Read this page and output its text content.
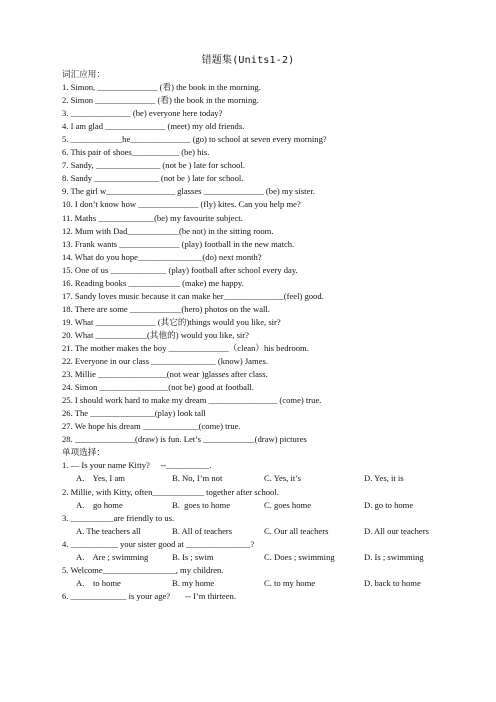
错题集(Units1-2)
词汇应用：
1. Simon, ______________ (看) the book in the morning.
2. Simon ______________ (看) the book in the morning.
3. ______________ (be) everyone here today?
4. I am glad ______________ (meet) my old friends.
5. ____________he______________ (go) to school at seven every morning?
6. This pair of shoes___________ (be) his.
7. Sandy, _______________ (not be ) late for school.
8. Sandy _______________ (not be ) late for school.
9. The girl w________________ glasses ______________ (be) my sister.
10. I don’t know how ______________ (fly) kites. Can you help me?
11. Maths _____________(be) my favourite subject.
12. Mum with Dad____________(be not) in the sitting room.
13. Frank wants ______________ (play) football in the new match.
14. What do you hope_______________(do) next month?
15. One of us _____________ (play) football after school every day.
16. Reading books ____________ (make) me happy.
17. Sandy loves music because it can make her______________(feel) good.
18. There are some ____________(hero) photos on the wall.
19. What ______________ (其它的)things would you like, sir?
20. What ____________(其他的) would you like, sir?
21. The mother makes the boy ______________（clean）his bedroom.
22. Everyone in our class _______________ (know) James.
23. Millie ________________(not wear )glasses after class.
24. Simon ________________(not be) good at football.
25. I should work hard to make my dream ________________ (come) true.
26. The _______________(play) look tall
27. We hope his dream _____________(come) true.
28. ______________(draw) is fun. Let’s ____________(draw) pictures
单项选择：
1. — Is your name Kitty?     --__________.
A.    Yes, I am	B. No, I’m not	C. Yes, it’s	D. Yes, it is
2. Millie, with Kitty, often____________ together after school.
A.    go home	B.  goes to home	C. goes home	D. go to home
3. __________are friendly to us.
A. The teachers all	B. All of teachers	C. Our all teachers	D. All our teachers
4. ___________ your sister good at _______________?
A.    Are ; swimming	B. Is ; swim	C. Does ; swimming	D. Is ; swimming
5. Welcome_________________, my children.
A.    to home	B. my home	C. to my home	D. back to home
6. _____________ is your age?       -- I’m thirteen.
